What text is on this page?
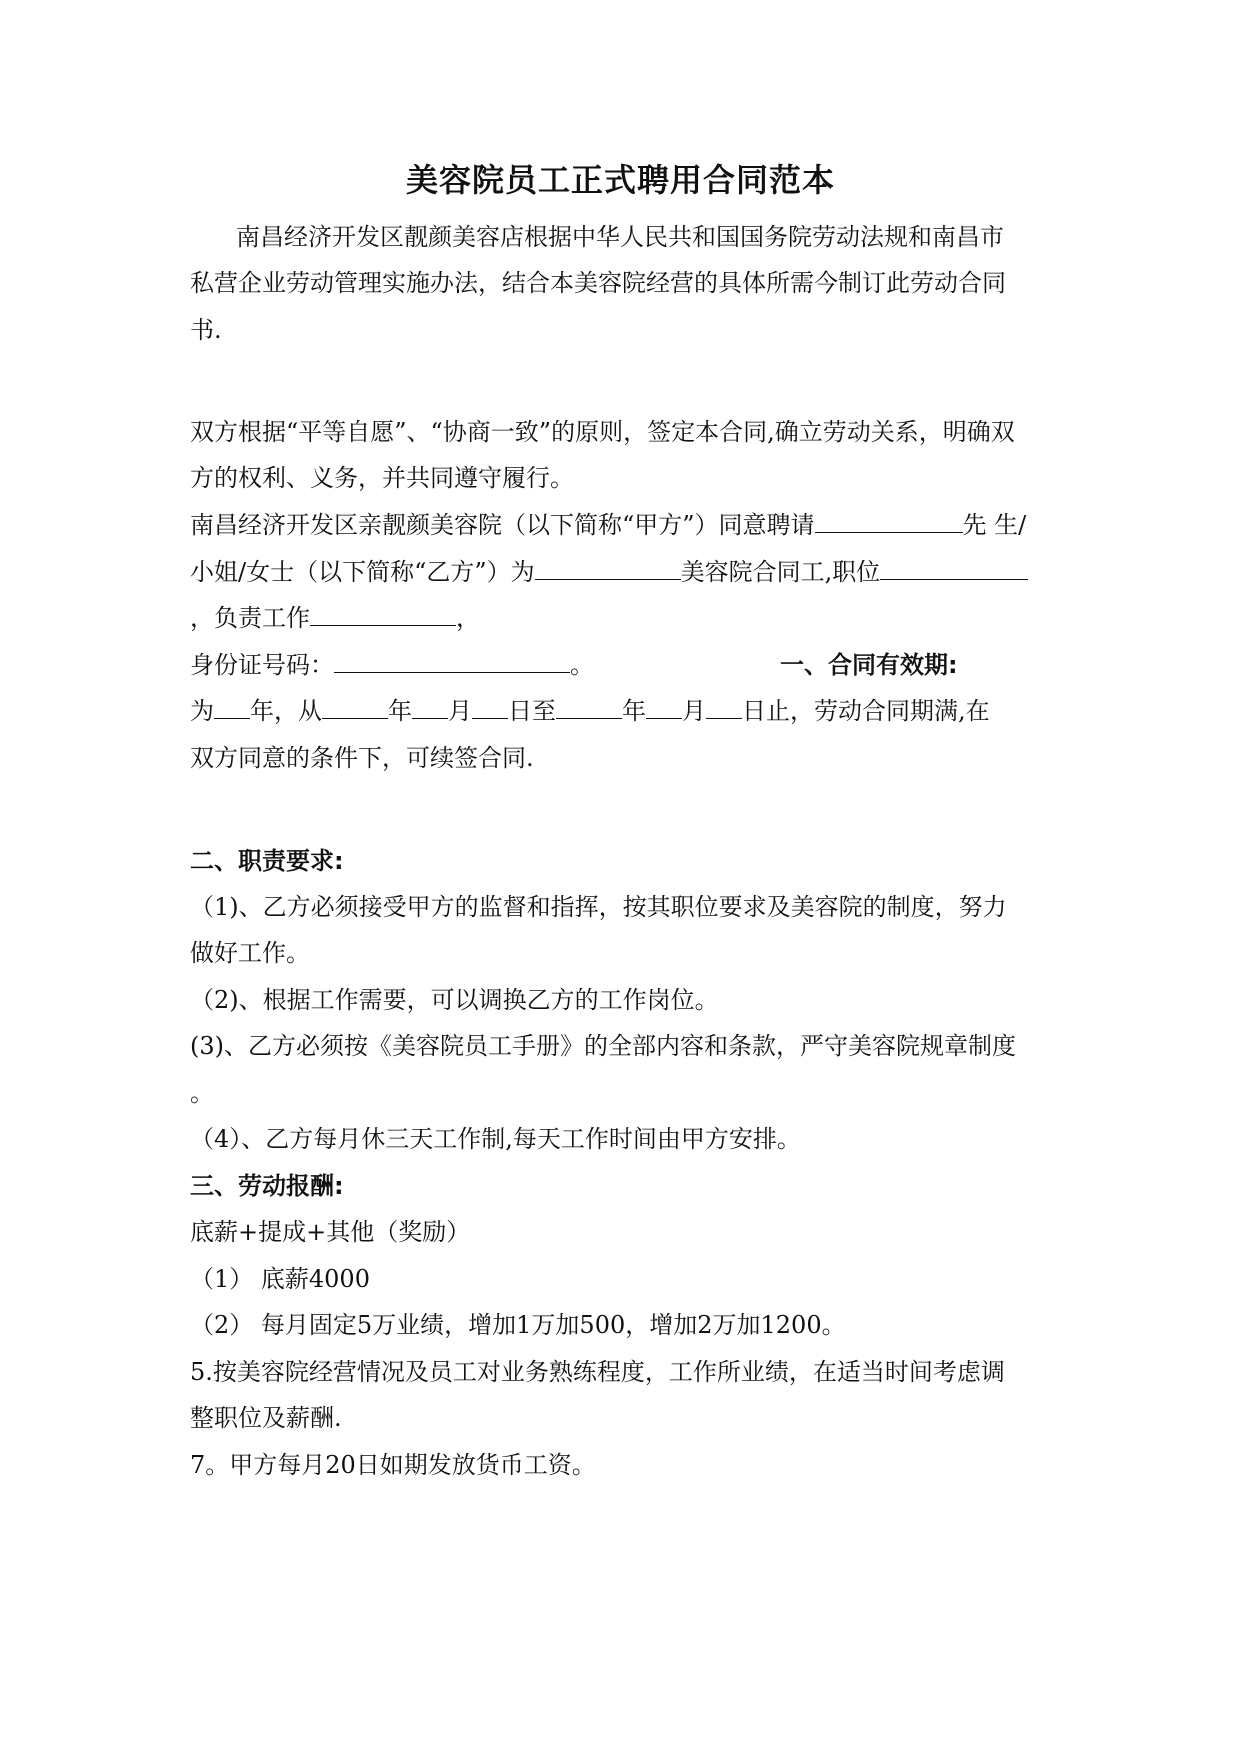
美容院员工正式聘用合同范本
南昌经济开发区靓颜美容店根据中华人民共和国国务院劳动法规和南昌市
私营企业劳动管理实施办法，结合本美容院经营的具体所需今制订此劳动合同
书.
双方根据“平等自愿”、“协商一致”的原则，签定本合同,确立劳动关系，明确双
方的权利、义务，并共同遵守履行。
南昌经济开发区亲靓颜美容院（以下简称“甲方”）同意聘请	先 生/
小姐/女士（以下简称“乙方”）为	美容院合同工,职位
，负责工作	，
身份证号码：	。	一、合同有效期:
为 年，从	年 月 日至	年 月 日止，劳动合同期满,在
双方同意的条件下，可续签合同.
二、职责要求:
（1)、乙方必须接受甲方的监督和指挥，按其职位要求及美容院的制度，努力
做好工作。
（2)、根据工作需要，可以调换乙方的工作岗位。
(3)、乙方必须按《美容院员工手册》的全部内容和条款，严守美容院规章制度
。
（4）、乙方每月休三天工作制,每天工作时间由甲方安排。
三、劳动报酬:
底薪+提成+其他（奖励）
（1） 底薪4000
（2） 每月固定5万业绩，增加1万加500，增加2万加1200。
5.按美容院经营情况及员工对业务熟练程度，工作所业绩，在适当时间考虑调
整职位及薪酬.
7。甲方每月20日如期发放货币工资。
